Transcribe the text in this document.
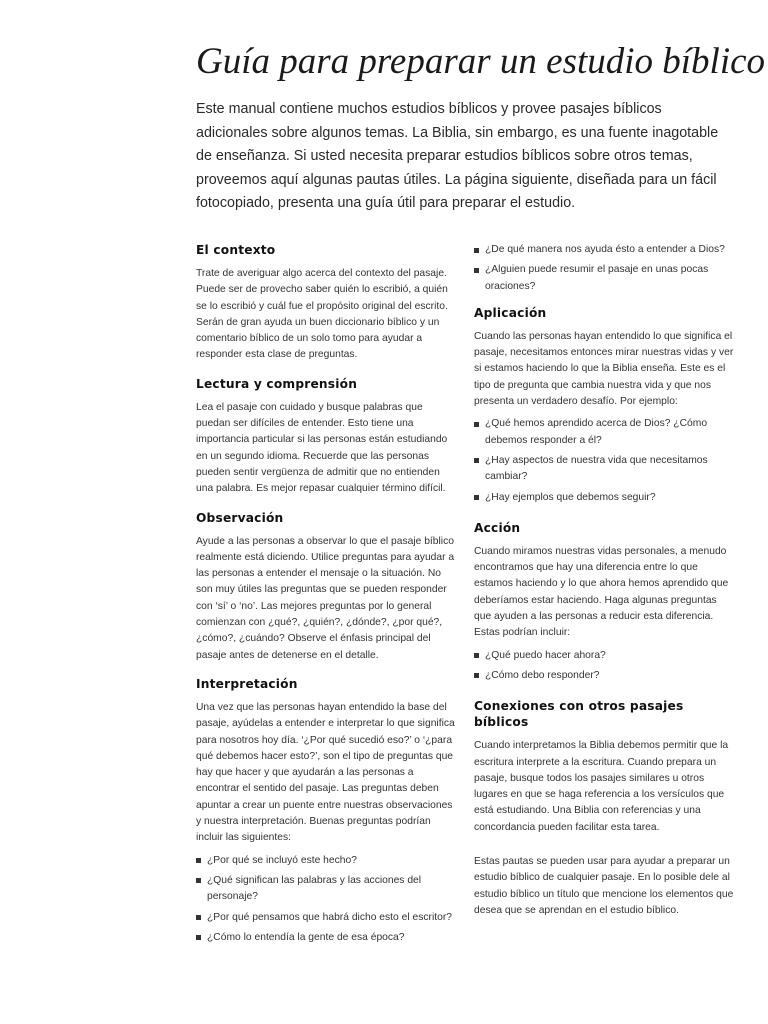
Guía para preparar un estudio bíblico

Este manual contiene muchos estudios bíblicos y provee pasajes bíblicos adicionales sobre algunos temas. La Biblia, sin embargo, es una fuente inagotable de enseñanza. Si usted necesita preparar estudios bíblicos sobre otros temas, proveemos aquí algunas pautas útiles. La página siguiente, diseñada para un fácil fotocopiado, presenta una guía útil para preparar el estudio.

El contexto

Trate de averiguar algo acerca del contexto del pasaje. Puede ser de provecho saber quién lo escribió, a quién se lo escribió y cuál fue el propósito original del escrito. Serán de gran ayuda un buen diccionario bíblico y un comentario bíblico de un solo tomo para ayudar a responder esta clase de preguntas.

Lectura y comprensión

Lea el pasaje con cuidado y busque palabras que puedan ser difíciles de entender. Esto tiene una importancia particular si las personas están estudiando en un segundo idioma. Recuerde que las personas pueden sentir vergüenza de admitir que no entienden una palabra. Es mejor repasar cualquier término difícil.

Observación

Ayude a las personas a observar lo que el pasaje bíblico realmente está diciendo. Utilice preguntas para ayudar a las personas a entender el mensaje o la situación. No son muy útiles las preguntas que se pueden responder con ‘sí’ o ‘no’. Las mejores preguntas por lo general comienzan con ¿qué?, ¿quién?, ¿dónde?, ¿por qué?, ¿cómo?, ¿cuándo? Observe el énfasis principal del pasaje antes de detenerse en el detalle.

Interpretación

Una vez que las personas hayan entendido la base del pasaje, ayúdelas a entender e interpretar lo que significa para nosotros hoy día. ‘¿Por qué sucedió eso?’ o ‘¿para qué debemos hacer esto?’, son el tipo de preguntas que hay que hacer y que ayudarán a las personas a encontrar el sentido del pasaje. Las preguntas deben apuntar a crear un puente entre nuestras observaciones y nuestra interpretación. Buenas preguntas podrían incluir las siguientes:

¿Por qué se incluyó este hecho?
¿Qué significan las palabras y las acciones del personaje?
¿Por qué pensamos que habrá dicho esto el escritor?
¿Cómo lo entendía la gente de esa época?
¿De qué manera nos ayuda ésto a entender a Dios?
¿Alguien puede resumir el pasaje en unas pocas oraciones?
Aplicación

Cuando las personas hayan entendido lo que significa el pasaje, necesitamos entonces mirar nuestras vidas y ver si estamos haciendo lo que la Biblia enseña. Este es el tipo de pregunta que cambia nuestra vida y que nos presenta un verdadero desafío. Por ejemplo:

¿Qué hemos aprendido acerca de Dios? ¿Cómo debemos responder a él?
¿Hay aspectos de nuestra vida que necesitamos cambiar?
¿Hay ejemplos que debemos seguir?
Acción

Cuando miramos nuestras vidas personales, a menudo encontramos que hay una diferencia entre lo que estamos haciendo y lo que ahora hemos aprendido que deberíamos estar haciendo. Haga algunas preguntas que ayuden a las personas a reducir esta diferencia. Estas podrían incluir:

¿Qué puedo hacer ahora?
¿Cómo debo responder?
Conexiones con otros pasajes bíblicos

Cuando interpretamos la Biblia debemos permitir que la escritura interprete a la escritura. Cuando prepara un pasaje, busque todos los pasajes similares u otros lugares en que se haga referencia a los versículos que está estudiando. Una Biblia con referencias y una concordancia pueden facilitar esta tarea.

Estas pautas se pueden usar para ayudar a preparar un estudio bíblico de cualquier pasaje. En lo posible dele al estudio bíblico un título que mencione los elementos que desea que se aprendan en el estudio bíblico.
